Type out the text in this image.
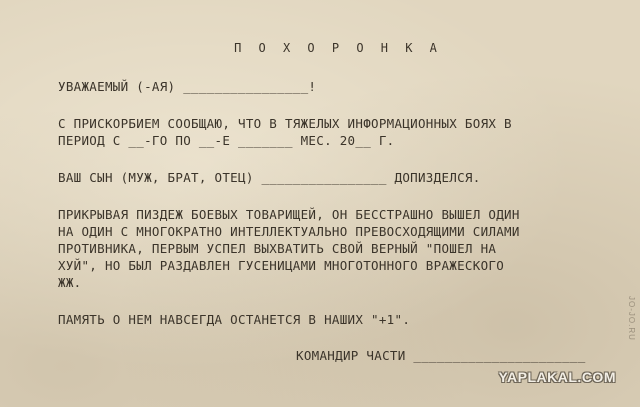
П О Х О Р О Н К А

УВАЖАЕМЫЙ (-АЯ) ________________!

С ПРИСКОРБИЕМ СООБЩАЮ, ЧТО В ТЯЖЕЛЫХ ИНФОРМАЦИОННЫХ БОЯХ В
ПЕРИОД С __-ГО ПО __-Е _______ МЕС. 20__ Г.

ВАШ СЫН (МУЖ, БРАТ, ОТЕЦ) ________________ ДОПИЗДЕЛСЯ.

ПРИКРЫВАЯ ПИЗДЕЖ БОЕВЫХ ТОВАРИЩЕЙ, ОН БЕССТРАШНО ВЫШЕЛ ОДИН
НА ОДИН С МНОГОКРАТНО ИНТЕЛЛЕКТУАЛЬНО ПРЕВОСХОДЯЩИМИ СИЛАМИ
ПРОТИВНИКА, ПЕРВЫМ УСПЕЛ ВЫХВАТИТЬ СВОЙ ВЕРНЫЙ "ПОШЕЛ НА
ХУЙ", НО БЫЛ РАЗДАВЛЕН ГУСЕНИЦАМИ МНОГОТОННОГО ВРАЖЕСКОГО
ЖЖ.

ПАМЯТЬ О НЕМ НАВСЕГДА ОСТАНЕТСЯ В НАШИХ "+1".

КОМАНДИР ЧАСТИ ______________________
YAPLAKAL.COM
JO-JO.RU
